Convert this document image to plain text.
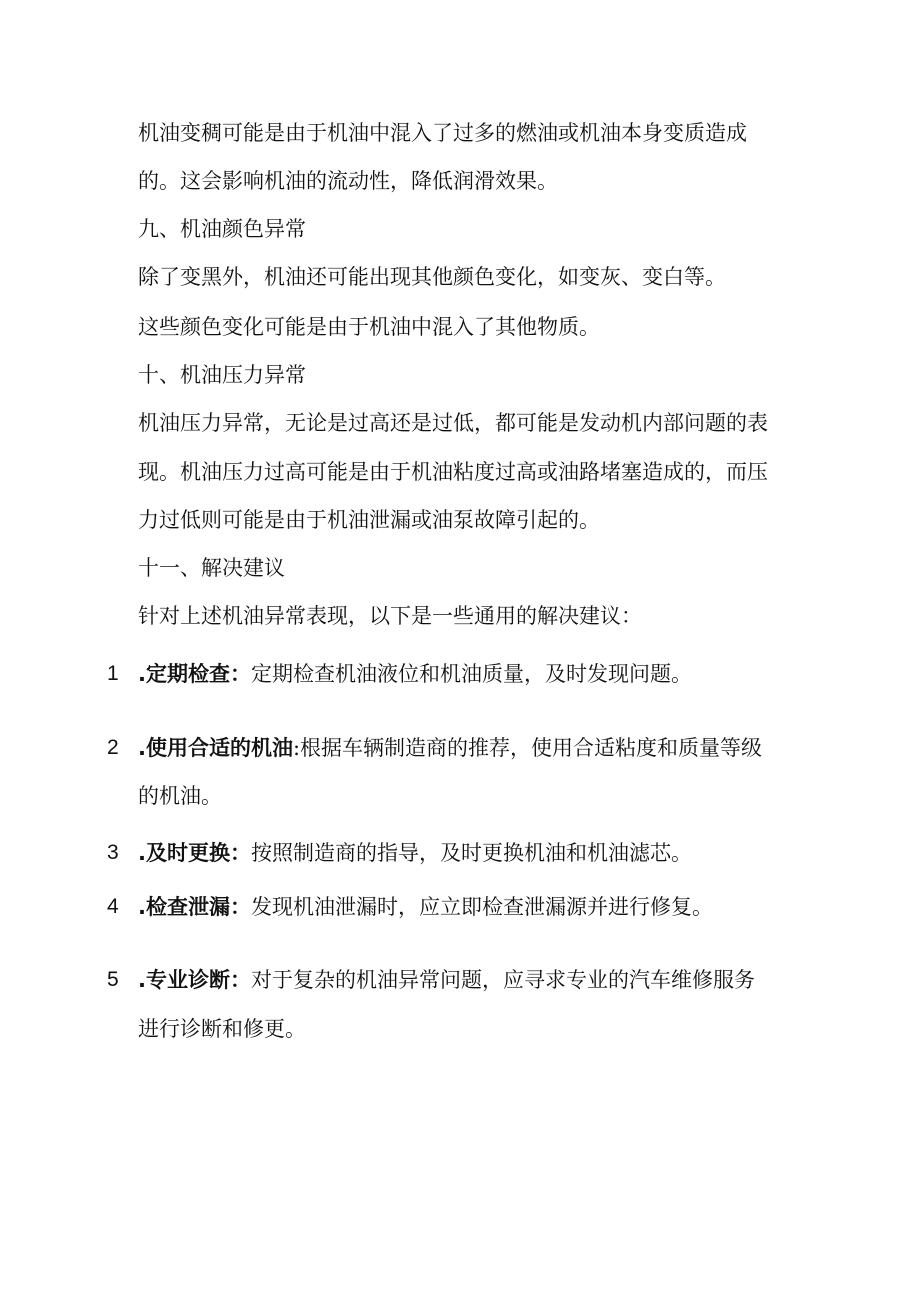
机油变稠可能是由于机油中混入了过多的燃油或机油本身变质造成
的。这会影响机油的流动性，降低润滑效果。
九、机油颜色异常
除了变黑外，机油还可能出现其他颜色变化，如变灰、变白等。
这些颜色变化可能是由于机油中混入了其他物质。
十、机油压力异常
机油压力异常，无论是过高还是过低，都可能是发动机内部问题的表
现。机油压力过高可能是由于机油粘度过高或油路堵塞造成的，而压
力过低则可能是由于机油泄漏或油泵故障引起的。
十一、解决建议
针对上述机油异常表现，以下是一些通用的解决建议：
1 .定期检查：定期检查机油液位和机油质量，及时发现问题。
2 .使用合适的机油:根据车辆制造商的推荐，使用合适粘度和质量等级
的机油。
3 .及时更换：按照制造商的指导，及时更换机油和机油滤芯。
4 .检查泄漏：发现机油泄漏时，应立即检查泄漏源并进行修复。
5 .专业诊断：对于复杂的机油异常问题，应寻求专业的汽车维修服务
进行诊断和修更。
